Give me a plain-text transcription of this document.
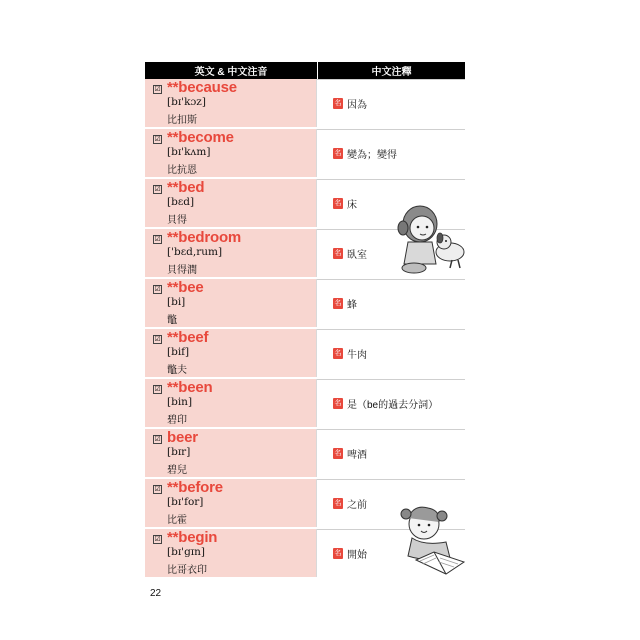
英文 & 中文注音	中文注釋
☑ **because
[bɪ'kɔz]
比扣斯
名 因為
☑ **become
[bɪ'kʌm]
比抗恩
名 變為；變得
☑ **bed
[bɛd]
貝得
名 床
☑ **bedroom
['bɛd,rum]
貝得潤
名 臥室
☑ **bee
[bi]
鼈
名 蜂
☑ **beef
[bif]
鼈夫
名 牛肉
☑ **been
[bin]
碧印
名 是（be的過去分詞）
☑ beer
[bɪr]
碧兒
名 啤酒
☑ **before
[bɪ'for]
比霍
名 之前
☑ **begin
[bɪ'gɪn]
比哥衣印
名 開始
22
